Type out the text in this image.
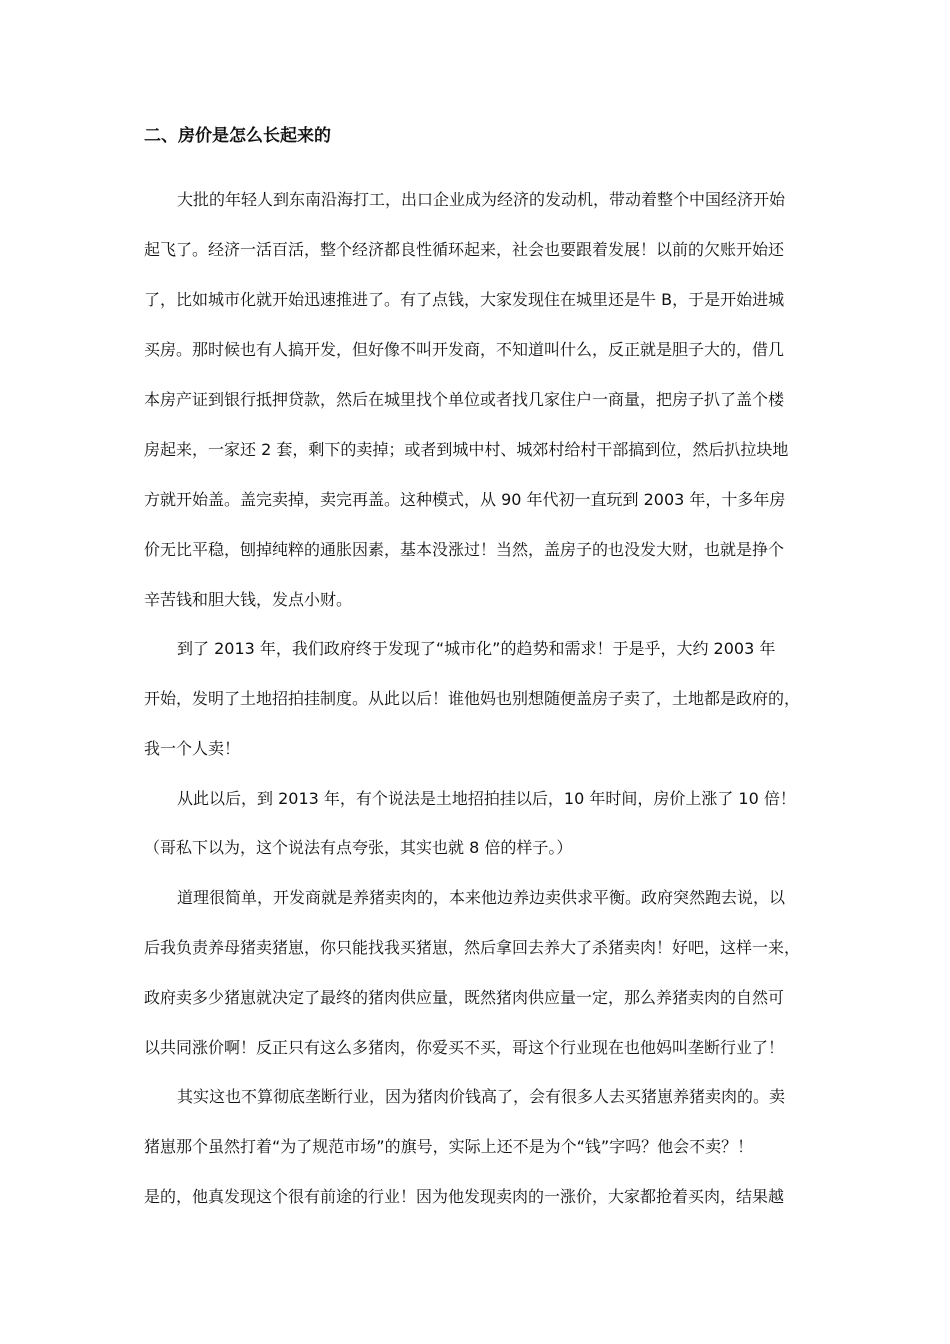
二、房价是怎么长起来的

大批的年轻人到东南沿海打工，出口企业成为经济的发动机，带动着整个中国经济开始

起飞了。经济一活百活，整个经济都良性循环起来，社会也要跟着发展！以前的欠账开始还

了，比如城市化就开始迅速推进了。有了点钱，大家发现住在城里还是牛 B，于是开始进城

买房。那时候也有人搞开发，但好像不叫开发商，不知道叫什么，反正就是胆子大的，借几

本房产证到银行抵押贷款，然后在城里找个单位或者找几家住户一商量，把房子扒了盖个楼

房起来，一家还 2 套，剩下的卖掉；或者到城中村、城郊村给村干部搞到位，然后扒拉块地

方就开始盖。盖完卖掉，卖完再盖。这种模式，从 90 年代初一直玩到 2003 年，十多年房

价无比平稳，刨掉纯粹的通胀因素，基本没涨过！当然，盖房子的也没发大财，也就是挣个

辛苦钱和胆大钱，发点小财。

到了 2013 年，我们政府终于发现了“城市化”的趋势和需求！于是乎，大约 2003 年

开始，发明了土地招拍挂制度。从此以后！谁他妈也别想随便盖房子卖了，土地都是政府的，

我一个人卖！

从此以后，到 2013 年，有个说法是土地招拍挂以后，10 年时间，房价上涨了 10 倍！

（哥私下以为，这个说法有点夸张，其实也就 8 倍的样子。）

道理很简单，开发商就是养猪卖肉的，本来他边养边卖供求平衡。政府突然跑去说，以

后我负责养母猪卖猪崽，你只能找我买猪崽，然后拿回去养大了杀猪卖肉！好吧，这样一来，

政府卖多少猪崽就决定了最终的猪肉供应量，既然猪肉供应量一定，那么养猪卖肉的自然可

以共同涨价啊！反正只有这么多猪肉，你爱买不买，哥这个行业现在也他妈叫垄断行业了！

其实这也不算彻底垄断行业，因为猪肉价钱高了，会有很多人去买猪崽养猪卖肉的。卖

猪崽那个虽然打着“为了规范市场”的旗号，实际上还不是为个“钱”字吗？他会不卖？！

是的，他真发现这个很有前途的行业！因为他发现卖肉的一涨价，大家都抢着买肉，结果越
